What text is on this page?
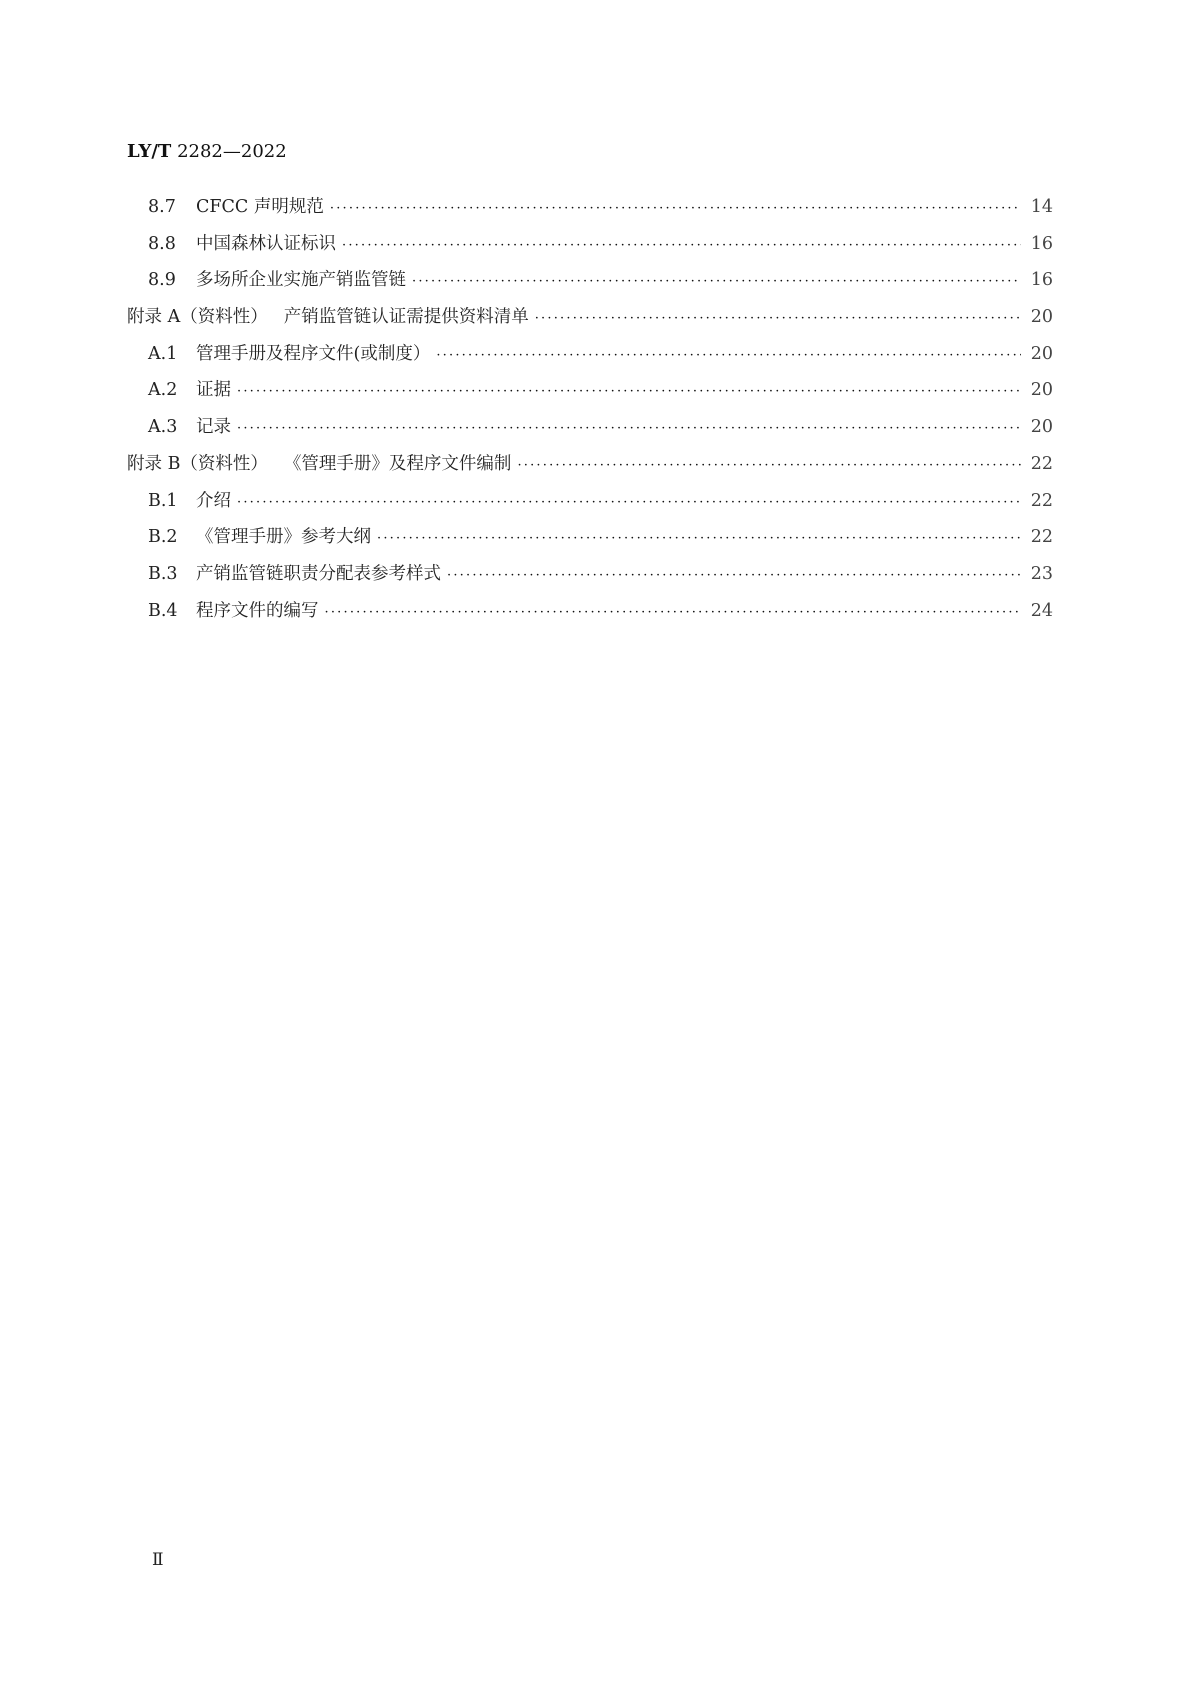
LY/T 2282—2022
8.7	CFCC 声明规范 ·····	14
8.8	中国森林认证标识 ·····	16
8.9	多场所企业实施产销监管链 ·····	16
附录 A（资料性） 产销监管链认证需提供资料清单 ·····	20
A.1	管理手册及程序文件(或制度） ·····	20
A.2	证据 ·····	20
A.3	记录 ·····	20
附录 B（资料性） 《管理手册》及程序文件编制 ·····	22
B.1	介绍 ·····	22
B.2	《管理手册》参考大纲 ·····	22
B.3	产销监管链职责分配表参考样式 ·····	23
B.4	程序文件的编写 ·····	24
Ⅱ
